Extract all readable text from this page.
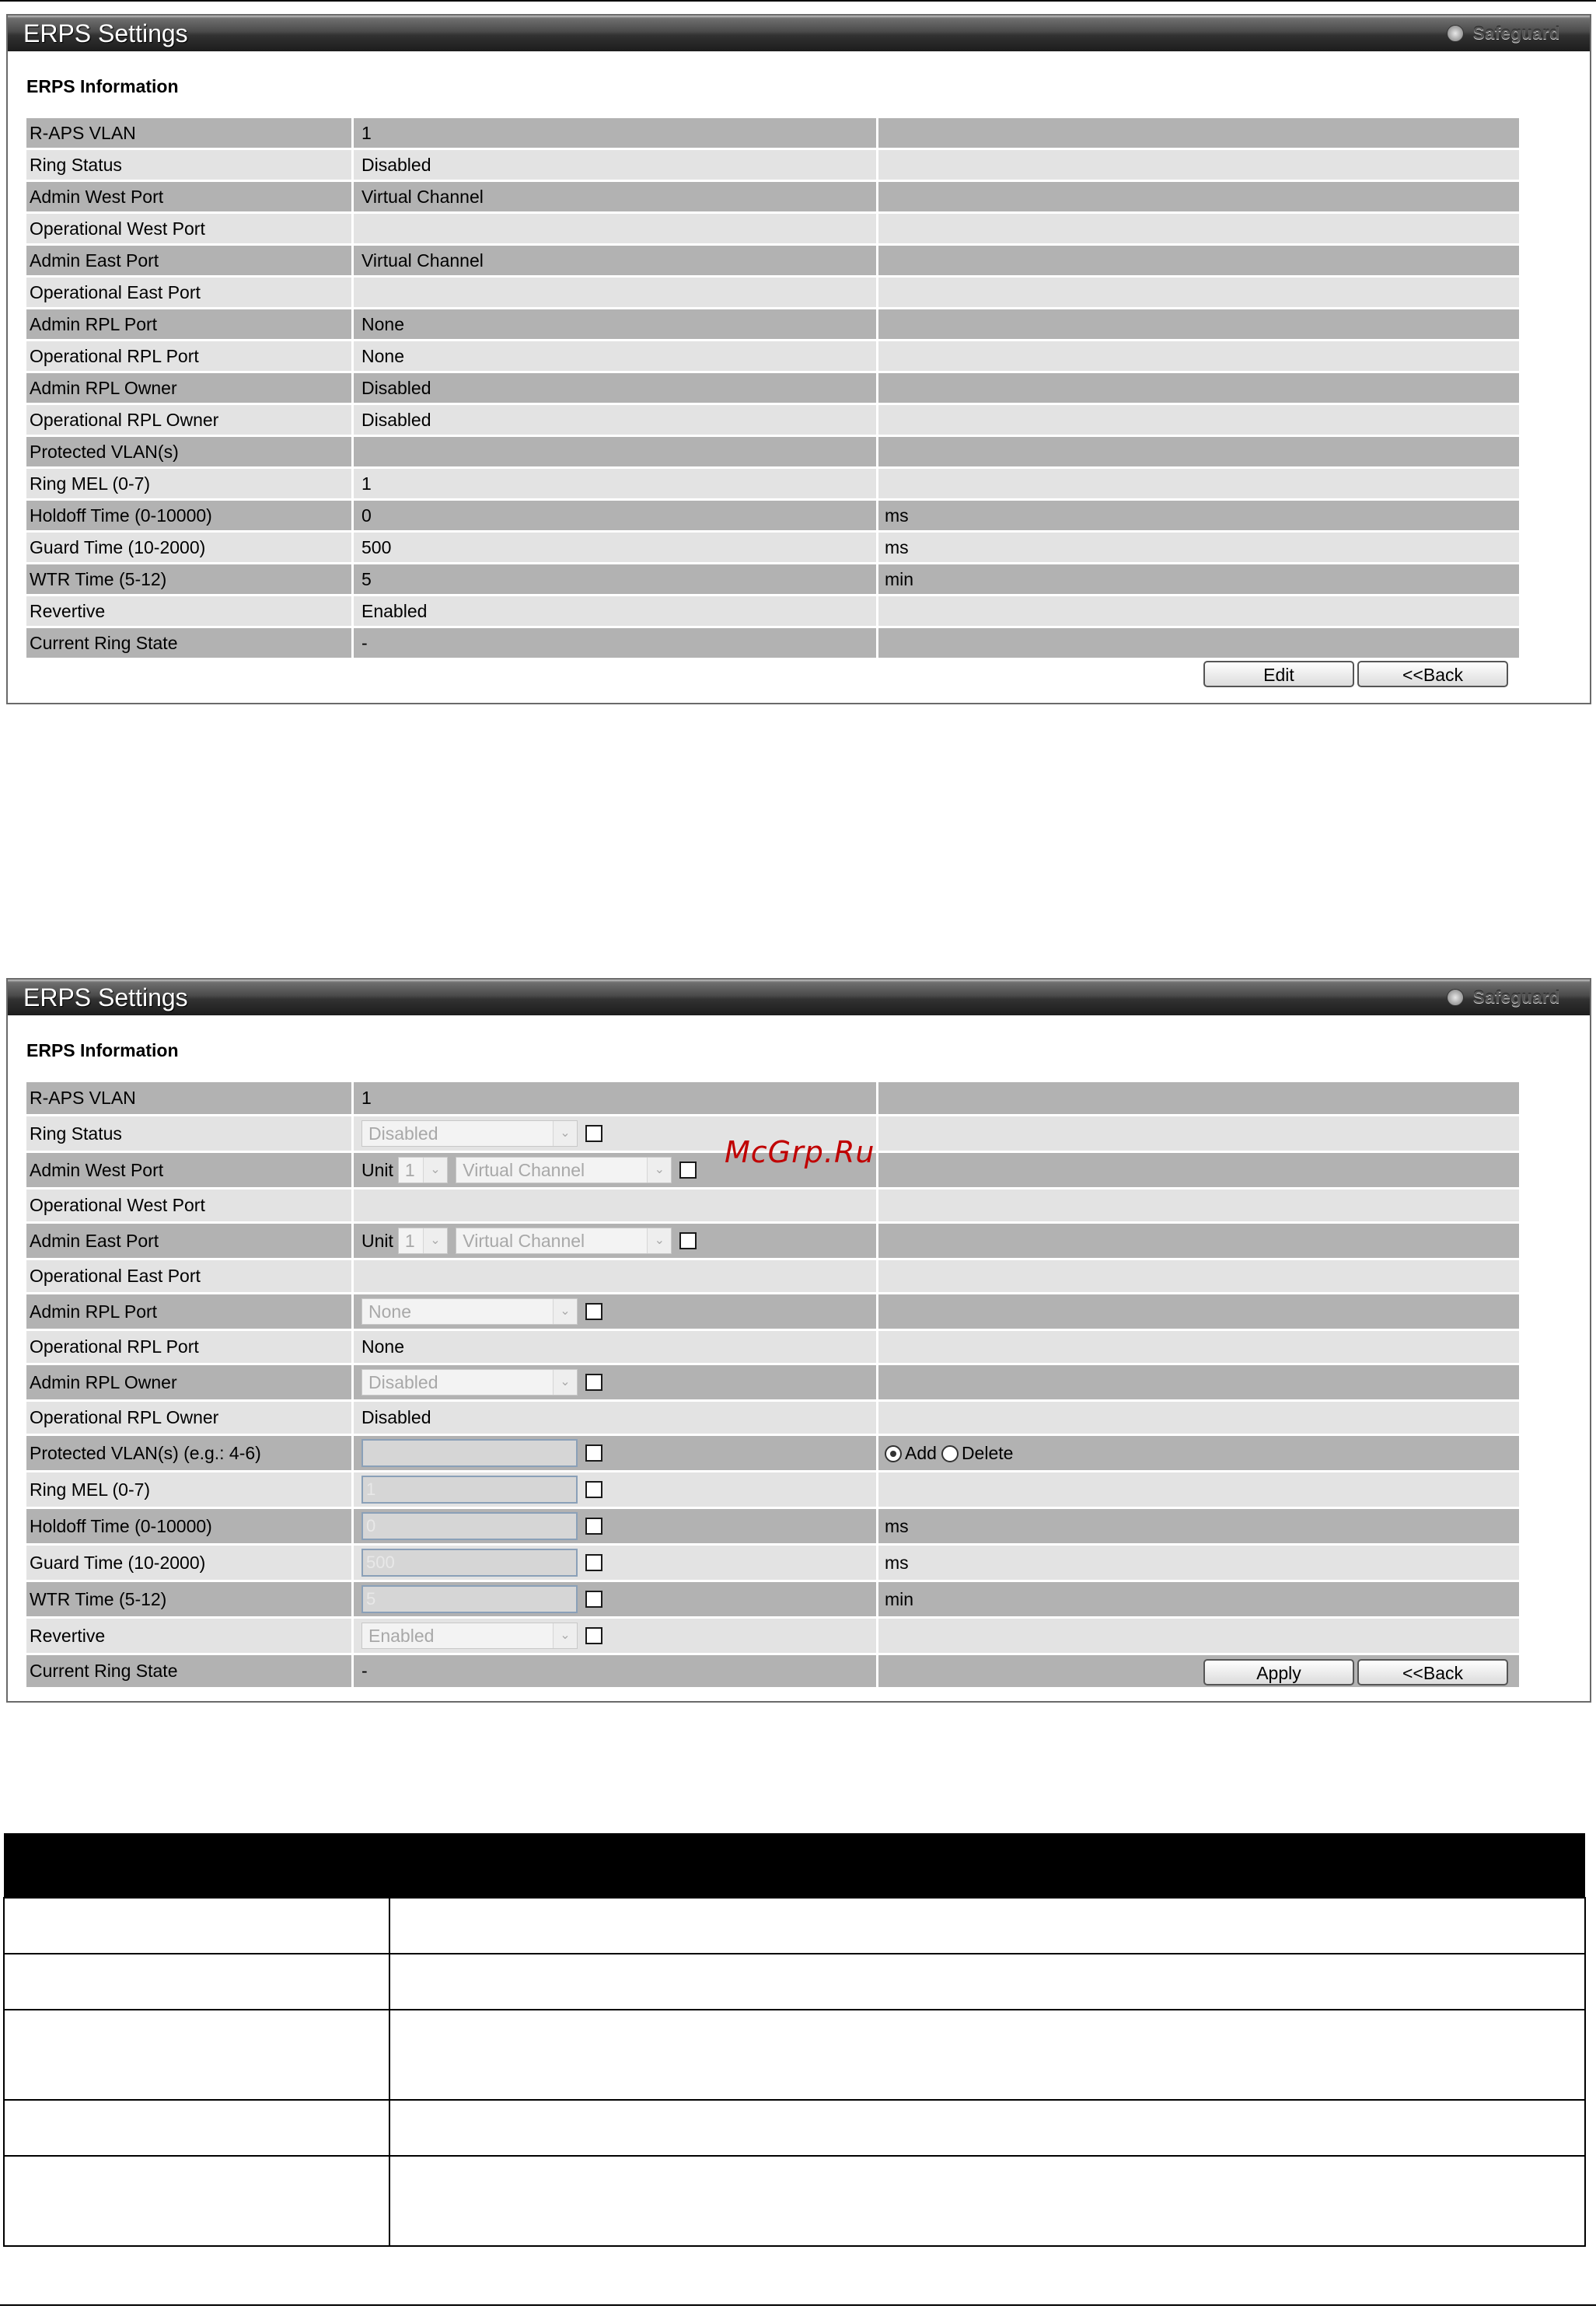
ERPS Settings	Safeguard
ERPS Information
R-APS VLAN	1	
Ring Status	Disabled	
Admin West Port	Virtual Channel	
Operational West Port		
Admin East Port	Virtual Channel	
Operational East Port		
Admin RPL Port	None	
Operational RPL Port	None	
Admin RPL Owner	Disabled	
Operational RPL Owner	Disabled	
Protected VLAN(s)		
Ring MEL (0-7)	1	
Holdoff Time (0-10000)	0	ms
Guard Time (10-2000)	500	ms
WTR Time (5-12)	5	min
Revertive	Enabled	
Current Ring State	-	
Edit	<<Back
ERPS Settings	Safeguard
ERPS Information
R-APS VLAN	1	
Ring Status	Disabled ⌄	

Admin West Port	Unit 1 ⌄ Virtual Channel ⌄	

Operational West Port		
Admin East Port	Unit 1 ⌄ Virtual Channel ⌄	

Operational East Port		
Admin RPL Port	None ⌄	

Operational RPL Port	None	
Admin RPL Owner	Disabled ⌄	

Operational RPL Owner	Disabled	
Protected VLAN(s) (e.g.: 4-6)		Add Delete
Ring MEL (0-7)	1	
Holdoff Time (0-10000)	0	ms
Guard Time (10-2000)	500	ms
WTR Time (5-12)	5	min
Revertive	Enabled ⌄	

Current Ring State	-		Apply	<<Back
McGrp.Ru
